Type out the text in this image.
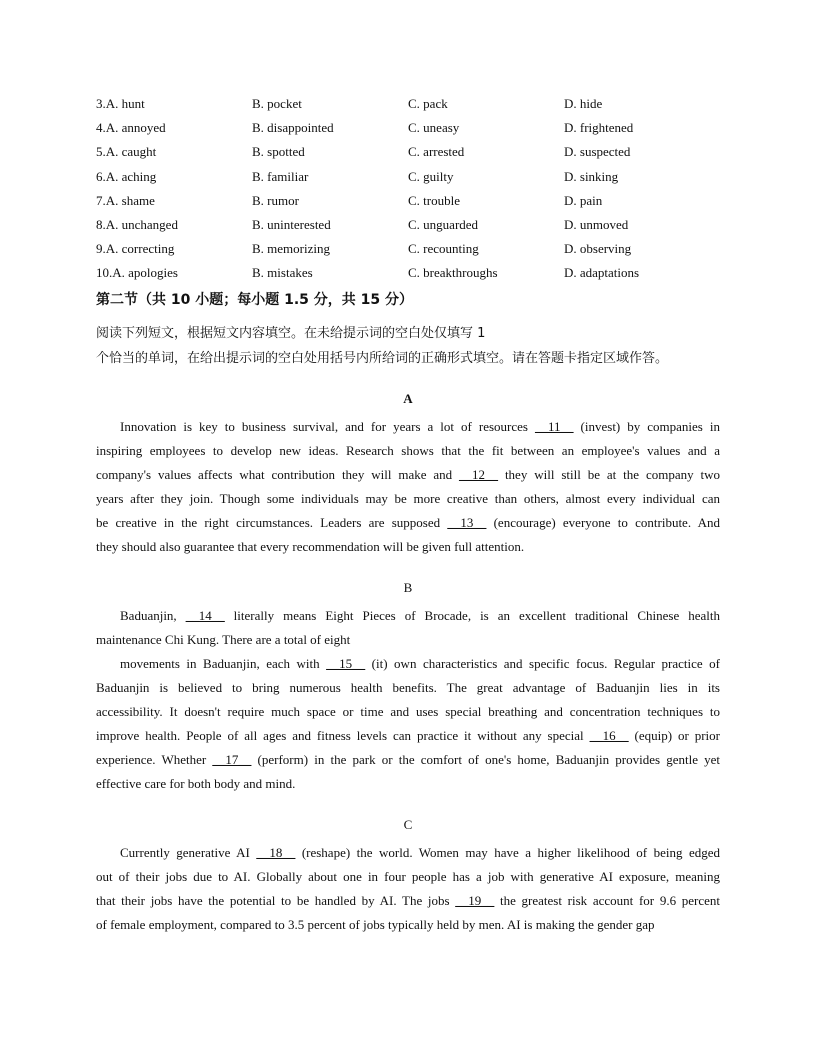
3.A. hunt	B. pocket	C. pack	D. hide
4.A. annoyed	B. disappointed	C. uneasy	D. frightened
5.A. caught	B. spotted	C. arrested	D. suspected
6.A. aching	B. familiar	C. guilty	D. sinking
7.A. shame	B. rumor	C. trouble	D. pain
8.A. unchanged	B. uninterested	C. unguarded	D. unmoved
9.A. correcting	B. memorizing	C. recounting	D. observing
10.A. apologies	B. mistakes	C. breakthroughs	D. adaptations
第二节（共 10 小题；每小题 1.5 分，共 15 分）
阅读下列短文，根据短文内容填空。在未给提示词的空白处仅填写 1
个恰当的单词，在给出提示词的空白处用括号内所给词的正确形式填空。请在答题卡指定区域作答。
A
Innovation is key to business survival, and for years a lot of resources __11__ (invest) by companies in
inspiring employees to develop new ideas. Research shows that the fit between an employee's values and a
company's values affects what contribution they will make and __12__ they will still be at the company two
years after they join. Though some individuals may be more creative than others, almost every individual can
be creative in the right circumstances. Leaders are supposed __13__ (encourage) everyone to contribute. And
they should also guarantee that every recommendation will be given full attention.
B
Baduanjin, __14__ literally means Eight Pieces of Brocade, is an excellent traditional Chinese health
maintenance Chi Kung. There are a total of eight
movements in Baduanjin, each with __15__ (it) own characteristics and specific focus. Regular practice of
Baduanjin is believed to bring numerous health benefits. The great advantage of Baduanjin lies in its
accessibility. It doesn't require much space or time and uses special breathing and concentration techniques to
improve health. People of all ages and fitness levels can practice it without any special __16__ (equip) or prior
experience. Whether __17__ (perform) in the park or the comfort of one's home, Baduanjin provides gentle yet
effective care for both body and mind.
C
Currently generative AI __18__ (reshape) the world. Women may have a higher likelihood of being edged
out of their jobs due to AI. Globally about one in four people has a job with generative AI exposure, meaning
that their jobs have the potential to be handled by AI. The jobs __19__ the greatest risk account for 9.6 percent
of female employment, compared to 3.5 percent of jobs typically held by men. AI is making the gender gap
